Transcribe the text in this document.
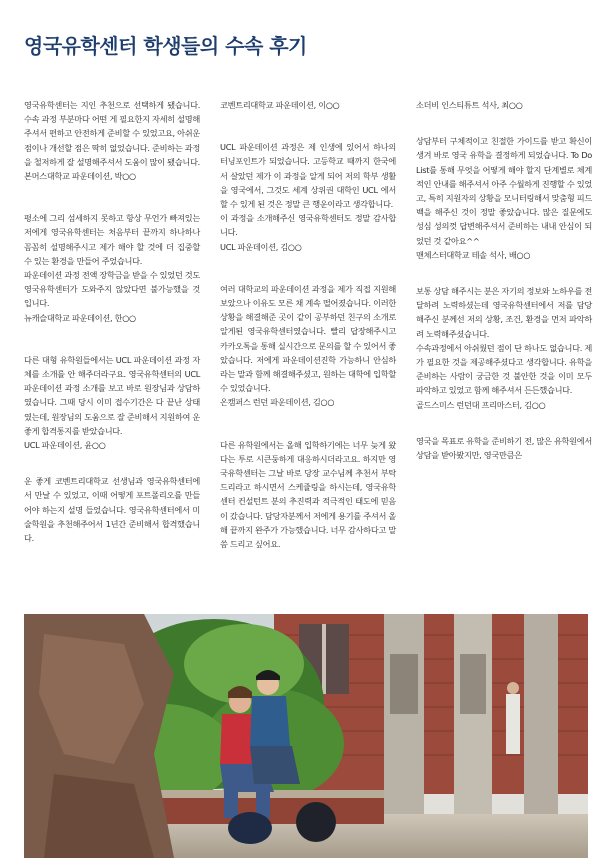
영국유학센터 학생들의 수속 후기

영국유학센터는 지인 추천으로 선택하게 됐습니다. 수속 과정 부분마다 어떤 게 필요한지 자세히 설명해주셔서 편하고 안전하게 준비할 수 있었고요, 아쉬운 점이나 개선할 점은 딱히 없었습니다. 준비하는 과정을 철저하게 잘 설명해주셔서 도움이 많이 됐습니다.

본머스대학교 파운데이션, 박○○

평소에 그리 섬세하지 못하고 항상 무언가 빠져있는 저에게 영국유학센터는 처음부터 끝까지 하나하나 꼼꼼히 설명해주시고 제가 해야 할 것에 더 집중할 수 있는 환경을 만들어 주었습니다.
파운데이션 과정 전액 장학금을 받을 수 있었던 것도 영국유학센터가 도와주지 않았다면 불가능했을 것입니다.

뉴캐슬대학교 파운데이션, 한○○

다른 대형 유학원들에서는 UCL 파운데이션 과정 자체를 소개를 안 해주더라구요. 영국유학센터의 UCL 파운데이션 과정 소개를 보고 바로 원장님과 상담하였습니다. 그때 당시 이미 접수기간은 다 끝난 상태였는데, 원장님의 도움으로 잘 준비해서 지원하여 운 좋게 합격통지를 받았습니다.

UCL 파운데이션, 윤○○

운 좋게 코벤트리대학교 선생님과 영국유학센터에서 만날 수 있었고, 이때 어떻게 포트폴리오를 만들어야 하는지 설명 들었습니다. 영국유학센터에서 미술학원을 추천해주어서 1년간 준비해서 합격했습니다.

코벤트리대학교 파운데이션, 이○○

UCL 파운데이션 과정은 제 인생에 있어서 하나의 터닝포인트가 되었습니다. 고등학교 때까지 한국에서 살았던 제가 이 과정을 알게 되어 저의 학부 생활을 영국에서, 그것도 세계 상위권 대학인 UCL 에서 할 수 있게 된 것은 정말 큰 행운이라고 생각합니다.
이 과정을 소개해주신 영국유학센터도 정말 감사합니다.

UCL 파운데이션, 김○○

여러 대학교의 파운데이션 과정을 제가 직접 지원해보았으나 이유도 모른 채 계속 떨어졌습니다. 이러한 상황을 해결해준 곳이 같이 공부하던 친구의 소개로 알게된 영국유학센터였습니다. 빨리 답장해주시고 카카오톡을 통해 실시간으로 문의를 할 수 있어서 좋았습니다. 저에게 파운데이션진학 가능하니 안심하라는 말과 함께 해결해주셨고, 원하는 대학에 입학할 수 있었습니다.

온캠퍼스 런던 파운데이션, 김○○

다른 유학원에서는 올해 입학하기에는 너무 늦게 왔다는 투로 시큰둥하게 대응하시더라고요. 하지만 영국유학센터는 그날 바로 당장 교수님께 추천서 부탁 드리라고 하시면서 스케쥴링을 하시는데, 영국유학센터 컨설턴트 분의 추진력과 적극적인 태도에 믿음이 갔습니다. 담당자분께서 저에게 용기를 주셔서 올해 끝까지 완주가 가능했습니다. 너무 감사하다고 말씀 드리고 싶어요.

소더비 인스티튜트 석사, 최○○

상담부터 구체적이고 친절한 가이드를 받고 확신이 생겨 바로 영국 유학을 결정하게 되었습니다. To Do List를 통해 무엇을 어떻게 해야 할지 단계별로 체계적인 안내를 해주셔서 아주 수월하게 진행할 수 있었고, 특히 지원자의 상황을 모니터링해서 맞춤형 피드백을 해주신 것이 정말 좋았습니다. 많은 질문에도 성심 성의껏 답변해주셔서 준비하는 내내 안심이 되었던 것 같아요^^

맨체스터대학교 테솔 석사, 배○○

보통 상담 해주시는 분은 자기의 정보와 노하우를 전달하려 노력하셨는데 영국유학센터에서 저를 담당해주신 분께선 저의 상황, 조건, 환경을 먼저 파악하려 노력해주셨습니다.
수속과정에서 아쉬웠던 점이 단 하나도 없습니다. 제가 필요한 것을 제공해주셨다고 생각합니다. 유학을 준비하는 사람이 궁금한 것 불안한 것을 이미 모두 파악하고 있었고 함께 해주셔서 든든했습니다.

골드스미스 런던대 프리마스터, 김○○

영국을 목표로 유학을 준비하기 전, 많은 유학원에서 상담을 받아봤지만, 영국만큼은
